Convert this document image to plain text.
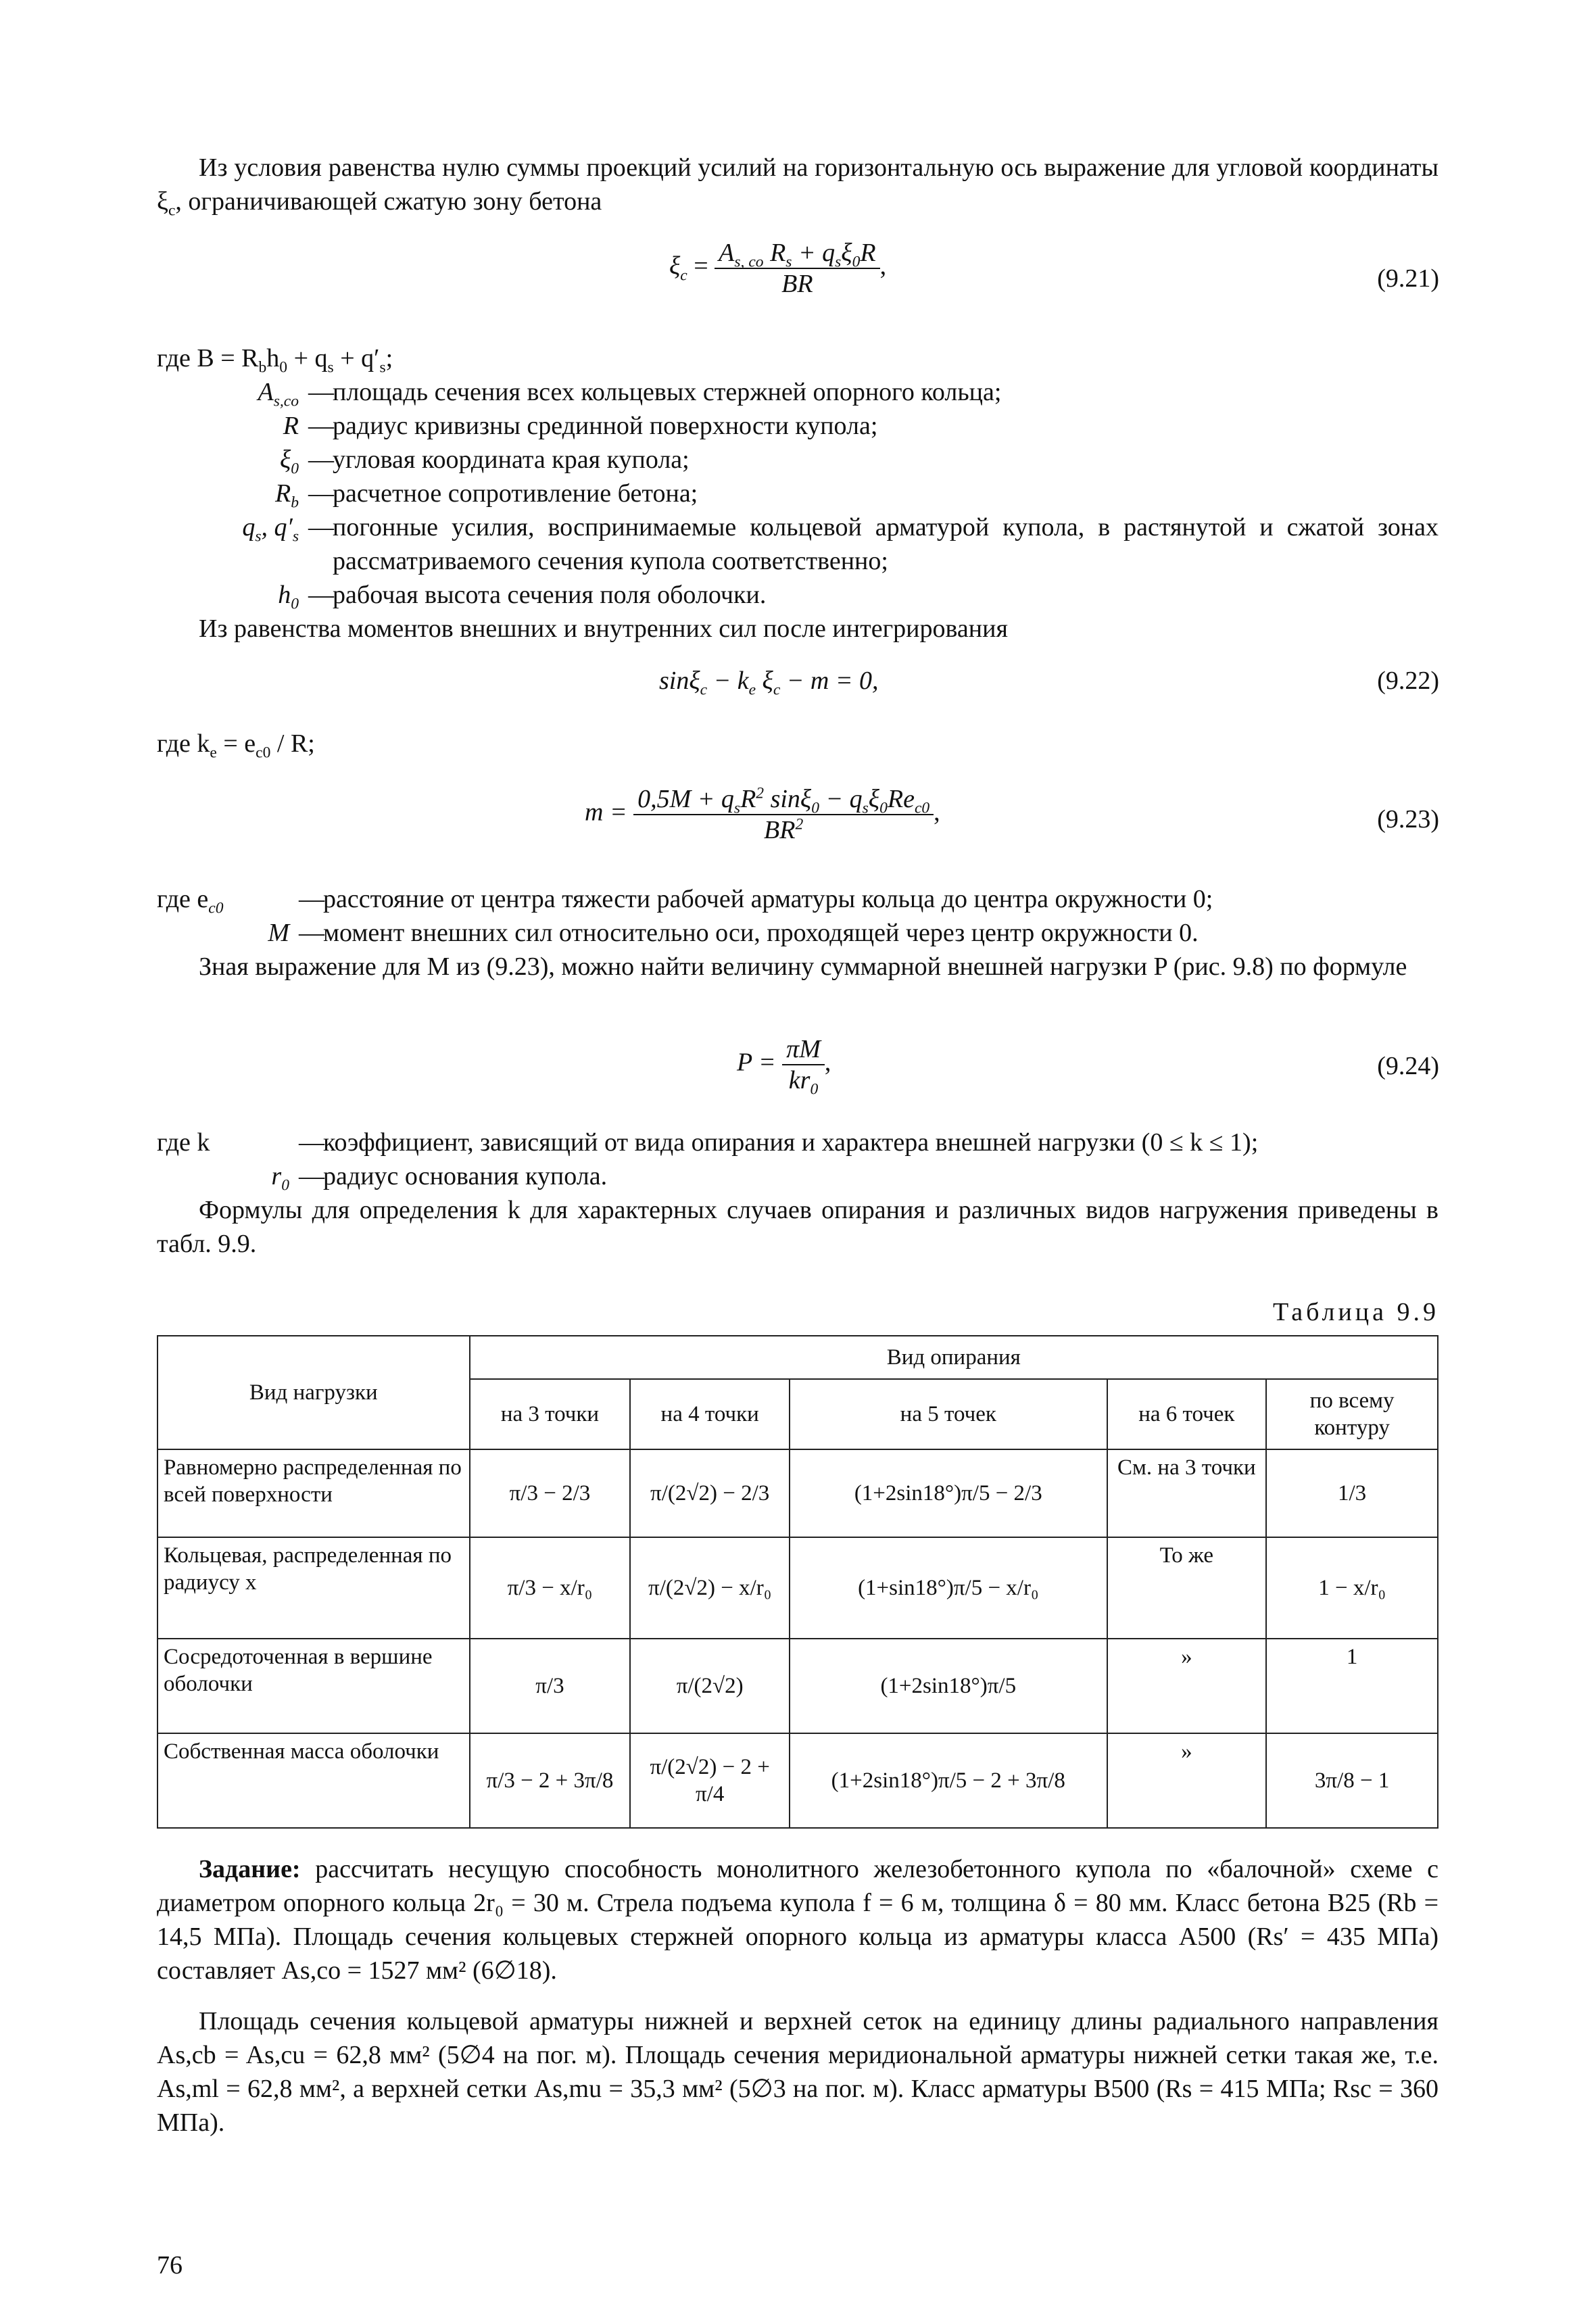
Из условия равенства нулю суммы проекций усилий на горизонтальную ось выражение для угловой координаты $\xi_c$, ограничивающей сжатую зону бетона
$\xi_c = \frac{A_{s, co} R_s + q_s\xi_0R}{BR}$ ,	(9.21)
где $B = R_bh_0 + q_s + q'_s$;
$A_{s,co}$ —
площадь сечения всех кольцевых стержней опорного кольца;
R —
радиус кривизны срединной поверхности купола;
$\xi_0$ —
угловая координата края купола;
$R_b$ —
расчетное сопротивление бетона;
$q_s$, $q'_s$ —
погонные усилия, воспринимаемые кольцевой арматурой купола, в растянутой и сжатой зонах рассматриваемого сечения купола соответственно;
$h_0$ —
рабочая высота сечения поля оболочки.
Из равенства моментов внешних и внутренних сил после интегрирования
$\sin\xi_c - k_e$ $\xi_c - m = 0$,	(9.22)
где $k_e = e_{c0} / R$;
$m = \frac{0,5M + q_sR^2 \sin\xi_0 - q_s\xi_0Re_{c0}}{BR^2}$ ,	(9.23)
где $e_{c0}$	—
расстояние от центра тяжести рабочей арматуры кольца до центра окружности 0;
M —
момент внешних сил относительно оси, проходящей через центр окружности 0.
Зная выражение для M из (9.23), можно найти величину суммарной внешней нагрузки P (рис. 9.8) по формуле
$P = \frac{\pi M}{kr_0}$ ,	(9.24)
где k	—
коэффициент, зависящий от вида опирания и характера внешней нагрузки (0 ≤ k ≤ 1);
$r_0$ —
радиус основания купола.
Формулы для определения k для характерных случаев опирания и различных видов нагружения приведены в табл. 9.9.
Таблица 9.9
Вид нагрузки	Вид опирания				
	на 3 точки	на 4 точки	на 5 точек	на 6 точек	по всему контуру
Равномерно распределенная по всей поверхности	π/3 − 2/3	π/(2√2) − 2/3	(1+2sin18°)π/5 − 2/3	См. на 3 точки	1/3
Кольцевая, распределенная по радиусу x	π/3 − x/r₀	π/(2√2) − x/r₀	(1+sin18°)π/5 − x/r₀	То же	1 − x/r₀
Сосредоточенная в вершине оболочки	π/3	π/(2√2)	(1+2sin18°)π/5	»	1
Собственная масса оболочки	π/3 − 2 + 3π/8	π/(2√2) − 2 + π/4	(1+2sin18°)π/5 − 2 + 3π/8	»	3π/8 − 1
Задание: рассчитать несущую способность монолитного железобетонного купола по «балочной» схеме с диаметром опорного кольца 2r₀ = 30 м. Стрела подъема купола f = 6 м, толщина δ = 80 мм. Класс бетона B25 (Rb = 14,5 МПа). Площадь сечения кольцевых стержней опорного кольца из арматуры класса А500 (Rs′ = 435 МПа) составляет As,co = 1527 мм² (6∅18).
Площадь сечения кольцевой арматуры нижней и верхней сеток на единицу длины радиального направления As,cb = As,cu = 62,8 мм² (5∅4 на пог. м). Площадь сечения меридиональной арматуры нижней сетки такая же, т.е. As,ml = 62,8 мм², а верхней сетки As,mu = 35,3 мм² (5∅3 на пог. м). Класс арматуры В500 (Rs = 415 МПа; Rsc = 360 МПа).
76
